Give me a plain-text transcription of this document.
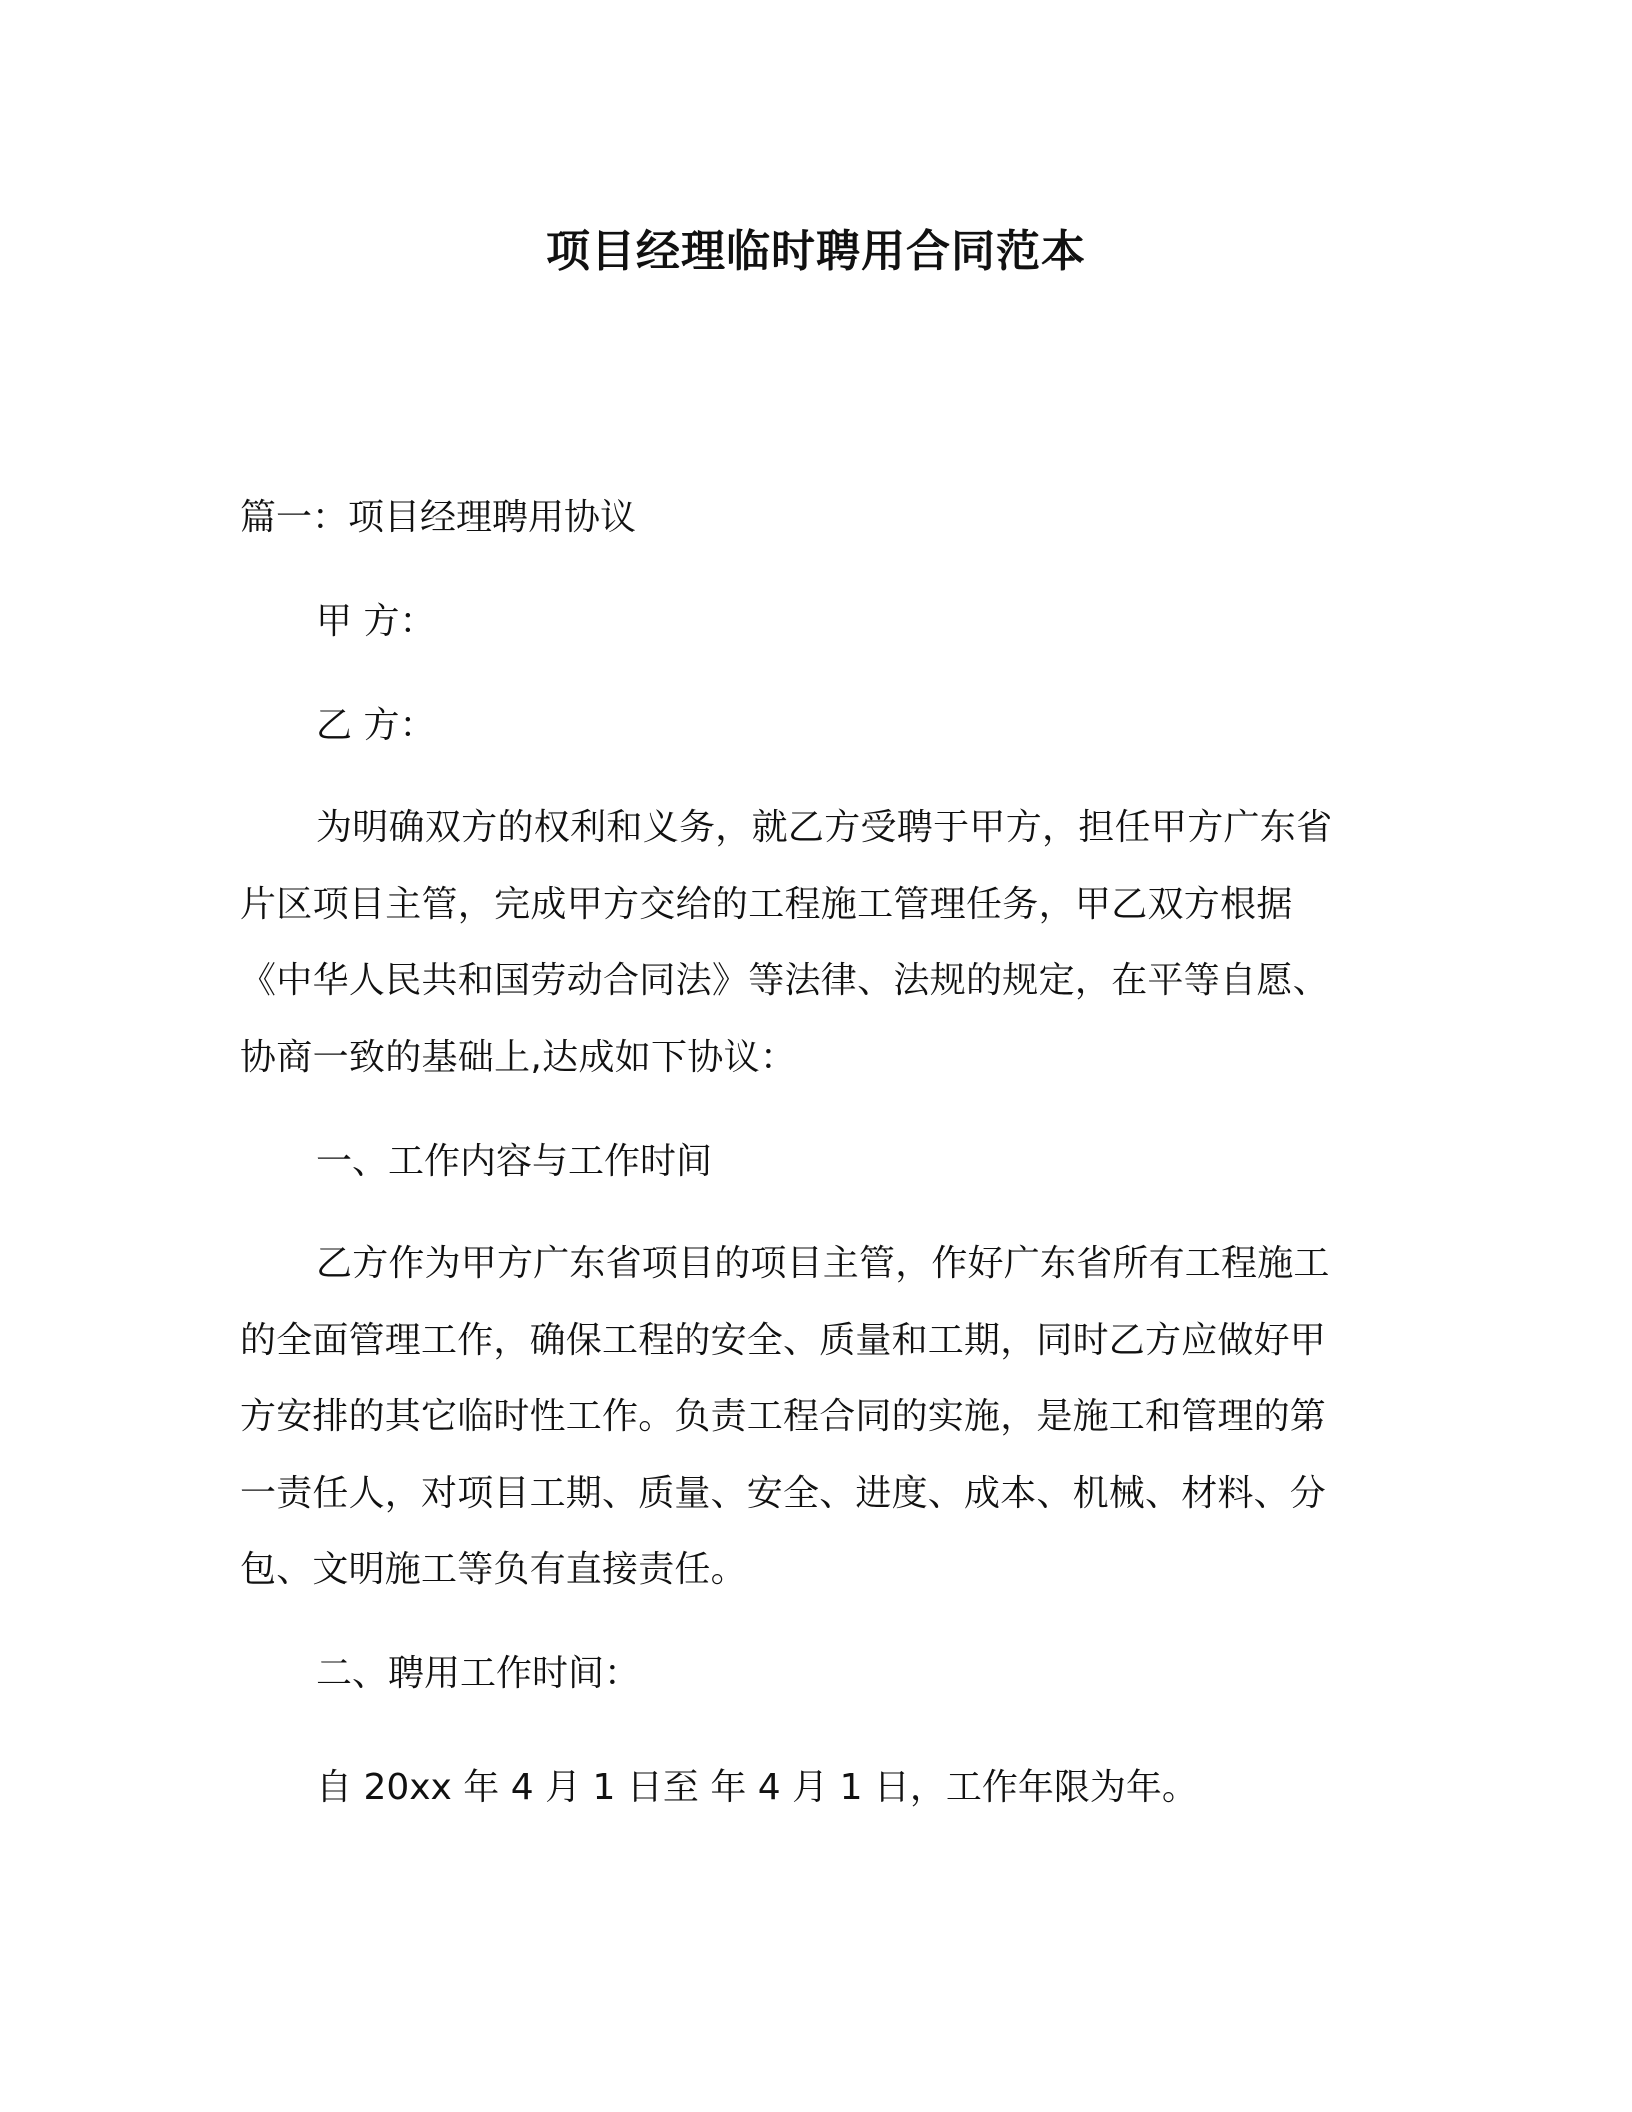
项目经理临时聘用合同范本
篇一：项目经理聘用协议
甲 方：
乙 方：
为明确双方的权利和义务，就乙方受聘于甲方，担任甲方广东省片区项目主管，完成甲方交给的工程施工管理任务，甲乙双方根据《中华人民共和国劳动合同法》等法律、法规的规定，在平等自愿、协商一致的基础上,达成如下协议：
一、工作内容与工作时间
乙方作为甲方广东省项目的项目主管，作好广东省所有工程施工的全面管理工作，确保工程的安全、质量和工期，同时乙方应做好甲方安排的其它临时性工作。负责工程合同的实施，是施工和管理的第一责任人，对项目工期、质量、安全、进度、成本、机械、材料、分包、文明施工等负有直接责任。
二、聘用工作时间：
自 20xx 年 4 月 1 日至 年 4 月 1 日，工作年限为年。
